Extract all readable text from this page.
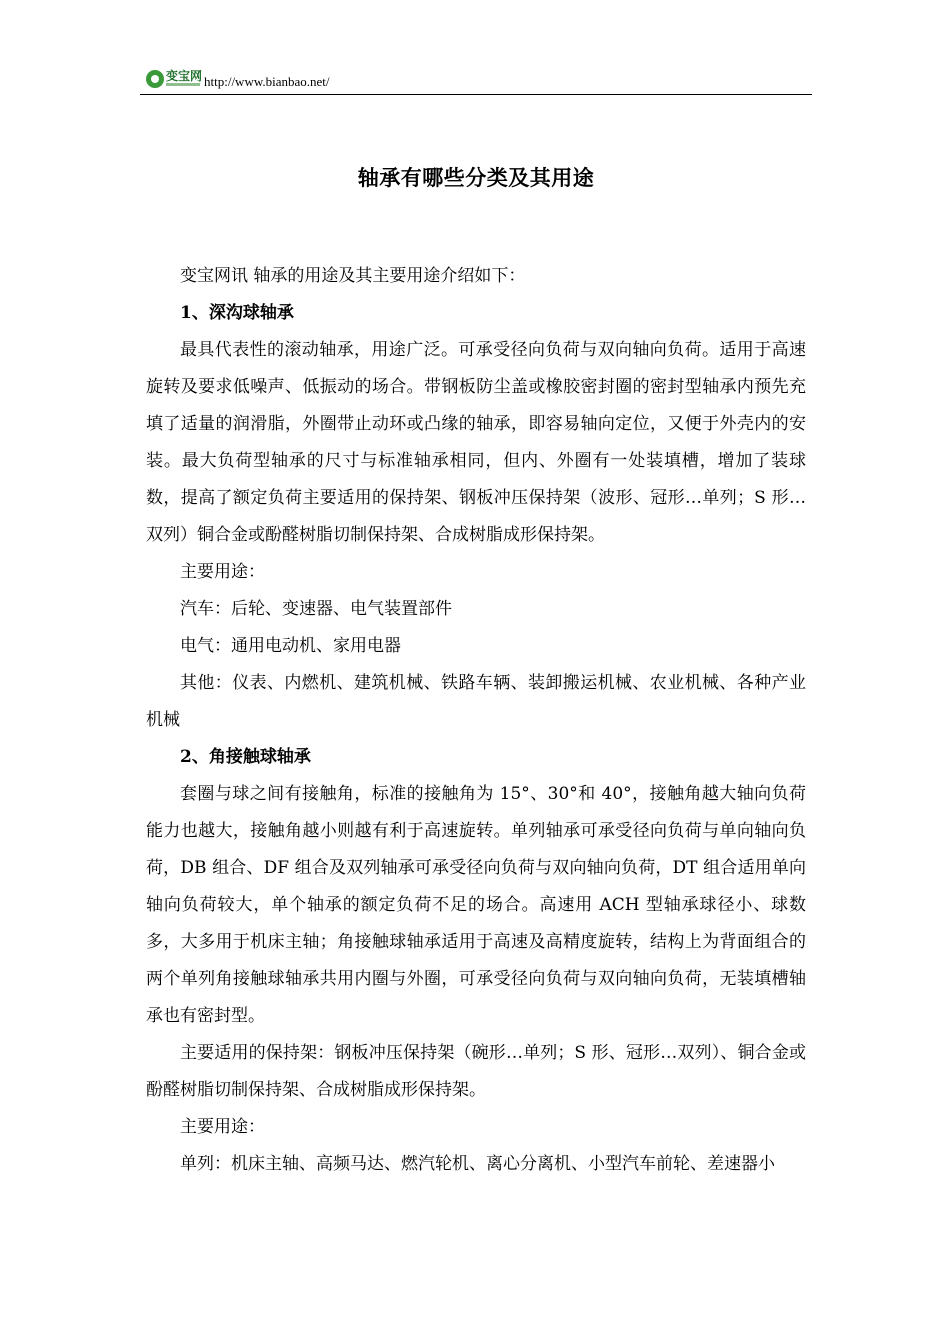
变宝网 http://www.bianbao.net/
轴承有哪些分类及其用途

变宝网讯 轴承的用途及其主要用途介绍如下：

1、深沟球轴承

最具代表性的滚动轴承，用途广泛。可承受径向负荷与双向轴向负荷。适用于高速旋转及要求低噪声、低振动的场合。带钢板防尘盖或橡胶密封圈的密封型轴承内预先充填了适量的润滑脂，外圈带止动环或凸缘的轴承，即容易轴向定位，又便于外壳内的安装。最大负荷型轴承的尺寸与标准轴承相同，但内、外圈有一处装填槽，增加了装球数，提高了额定负荷主要适用的保持架、钢板冲压保持架（波形、冠形…单列；S 形…双列）铜合金或酚醛树脂切制保持架、合成树脂成形保持架。

主要用途：

汽车：后轮、变速器、电气装置部件

电气：通用电动机、家用电器

其他：仪表、内燃机、建筑机械、铁路车辆、装卸搬运机械、农业机械、各种产业机械

2、角接触球轴承

套圈与球之间有接触角，标准的接触角为 15°、30°和 40°，接触角越大轴向负荷能力也越大，接触角越小则越有利于高速旋转。单列轴承可承受径向负荷与单向轴向负荷，DB 组合、DF 组合及双列轴承可承受径向负荷与双向轴向负荷，DT 组合适用单向轴向负荷较大，单个轴承的额定负荷不足的场合。高速用 ACH 型轴承球径小、球数多，大多用于机床主轴；角接触球轴承适用于高速及高精度旋转，结构上为背面组合的两个单列角接触球轴承共用内圈与外圈，可承受径向负荷与双向轴向负荷，无装填槽轴承也有密封型。

主要适用的保持架：钢板冲压保持架（碗形…单列；S 形、冠形…双列）、铜合金或酚醛树脂切制保持架、合成树脂成形保持架。

主要用途：

单列：机床主轴、高频马达、燃汽轮机、离心分离机、小型汽车前轮、差速器小
